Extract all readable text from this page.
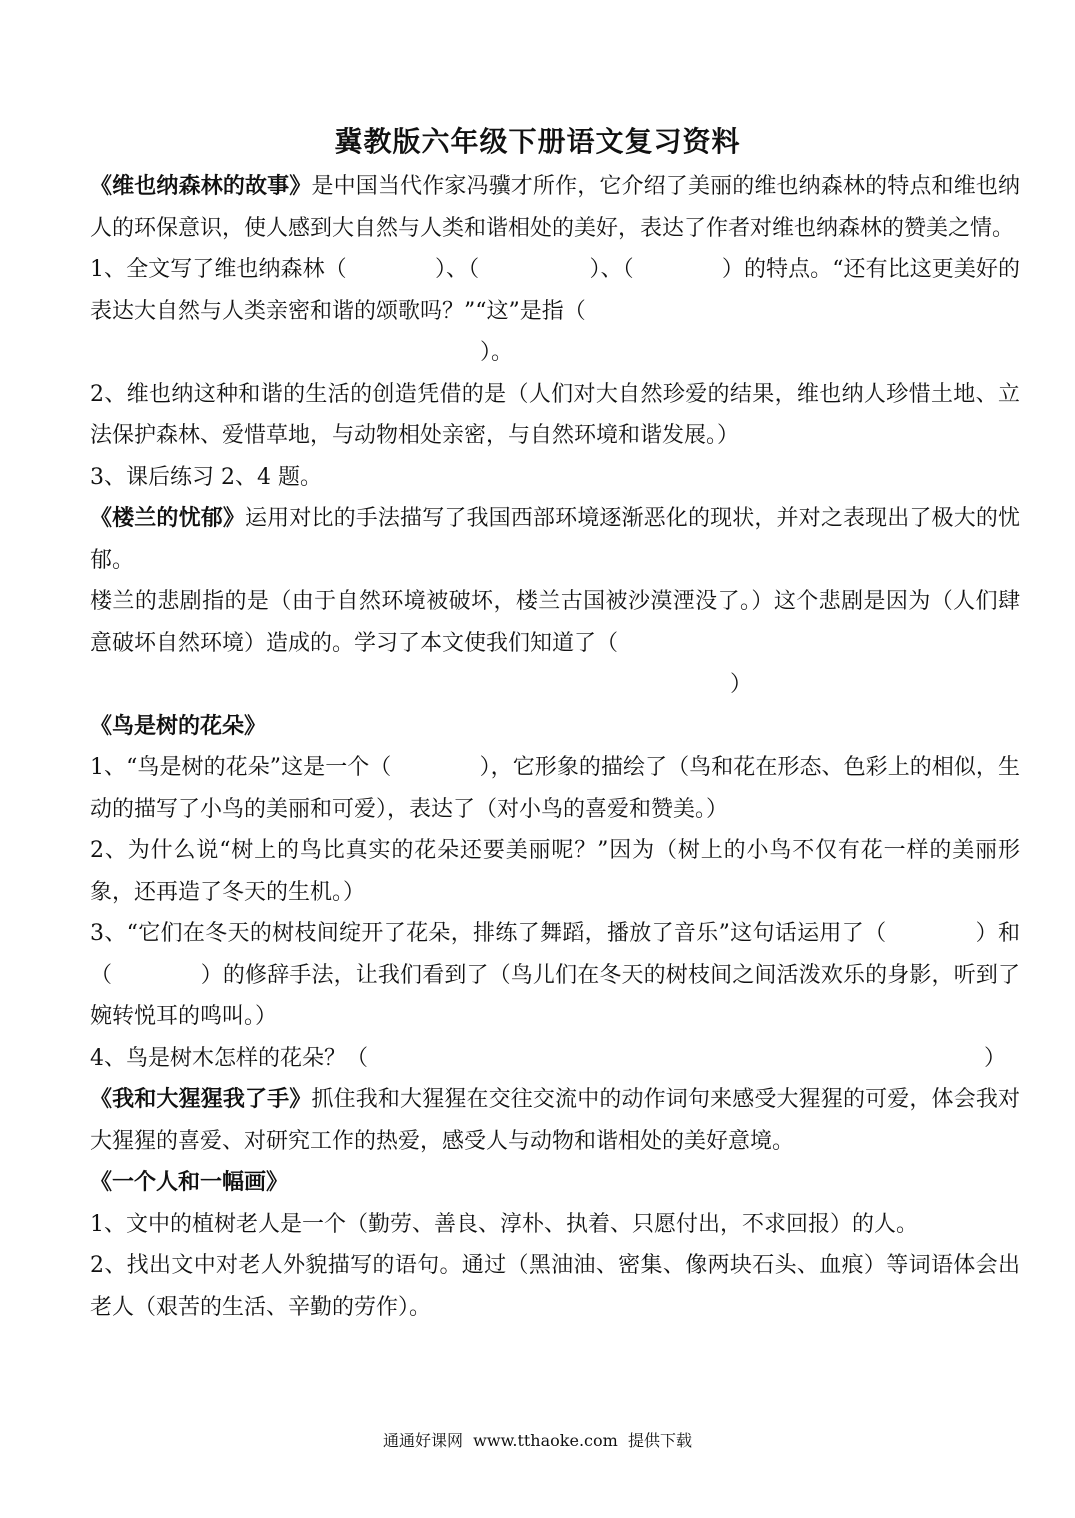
冀教版六年级下册语文复习资料

《维也纳森林的故事》是中国当代作家冯骥才所作，它介绍了美丽的维也纳森林的特点和维也纳人的环保意识，使人感到大自然与人类和谐相处的美好，表达了作者对维也纳森林的赞美之情。

1、全文写了维也纳森林（　　　　）、（　　　　　）、（　　　　）的特点。“还有比这更美好的表达大自然与人类亲密和谐的颂歌吗？”“这”是指（

）。

2、维也纳这种和谐的生活的创造凭借的是（人们对大自然珍爱的结果，维也纳人珍惜土地、立法保护森林、爱惜草地，与动物相处亲密，与自然环境和谐发展。）

3、课后练习 2、4 题。

《楼兰的忧郁》运用对比的手法描写了我国西部环境逐渐恶化的现状，并对之表现出了极大的忧郁。

楼兰的悲剧指的是（由于自然环境被破坏，楼兰古国被沙漠湮没了。）这个悲剧是因为（人们肆意破坏自然环境）造成的。学习了本文使我们知道了（

）

《鸟是树的花朵》

1、“鸟是树的花朵”这是一个（　　　　），它形象的描绘了（鸟和花在形态、色彩上的相似，生动的描写了小鸟的美丽和可爱），表达了（对小鸟的喜爱和赞美。）

2、为什么说“树上的鸟比真实的花朵还要美丽呢？”因为（树上的小鸟不仅有花一样的美丽形象，还再造了冬天的生机。）

3、“它们在冬天的树枝间绽开了花朵，排练了舞蹈，播放了音乐”这句话运用了（　　　　）和（　　　　）的修辞手法，让我们看到了（鸟儿们在冬天的树枝间之间活泼欢乐的身影，听到了婉转悦耳的鸣叫。）

4、鸟是树木怎样的花朵？（　　　　　　　　　　　　　　　　　　　　　　　　　　　　）

《我和大猩猩我了手》抓住我和大猩猩在交往交流中的动作词句来感受大猩猩的可爱，体会我对大猩猩的喜爱、对研究工作的热爱，感受人与动物和谐相处的美好意境。

《一个人和一幅画》

1、文中的植树老人是一个（勤劳、善良、淳朴、执着、只愿付出，不求回报）的人。

2、找出文中对老人外貌描写的语句。通过（黑油油、密集、像两块石头、血痕）等词语体会出老人（艰苦的生活、辛勤的劳作）。

通通好课网  www.tthaoke.com  提供下载
